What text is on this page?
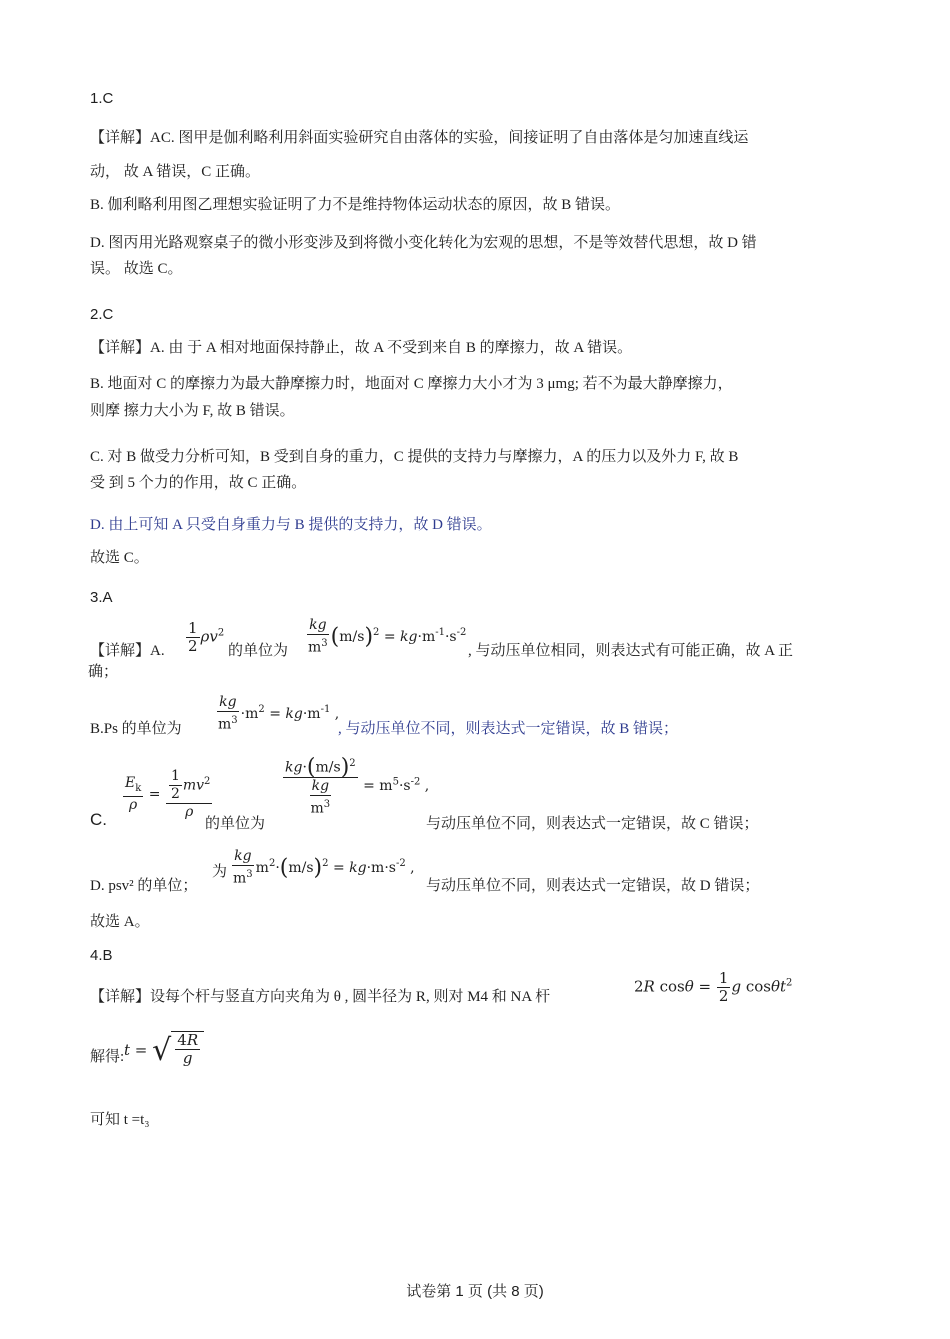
1.C
【详解】AC. 图甲是伽利略利用斜面实验研究自由落体的实验，间接证明了自由落体是匀加速直线运
动， 故 A 错误，C 正确。
B. 伽利略利用图乙理想实验证明了力不是维持物体运动状态的原因，故 B 错误。
D. 图丙用光路观察桌子的微小形变涉及到将微小变化转化为宏观的思想，不是等效替代思想，故 D 错
误。 故选 C。
2.C
【详解】A. 由 于 A 相对地面保持静止，故 A 不受到来自 B 的摩擦力，故 A 错误。
B. 地面对 C 的摩擦力为最大静摩擦力时，地面对 C 摩擦力大小才为 3 μmg; 若不为最大静摩擦力，
则摩 擦力大小为 F, 故 B 错误。
C. 对 B 做受力分析可知，B 受到自身的重力，C 提供的支持力与摩擦力，A 的压力以及外力 F, 故 B
受 到 5 个力的作用，故 C 正确。
D. 由上可知 A 只受自身重力与 B 提供的支持力，故 D 错误。
故选 C。
3.A
【详解】A. $\frac{1}{2} \rho v^2$
的单位为 $\frac{kg}{m^3} (m/s)^2 = kg\cdot m^{-1}\cdot s^{-2}$
, 与动压单位相同，则表达式有可能正确，故 A 正
确；
B.Ps 的单位为 $\frac{kg}{m^3} \cdot m^2 = kg\cdot m^{-1}$ ,
, 与动压单位不同，则表达式一定错误，故 B 错误；
C.
$\frac{E_k}{\rho} = \frac{\frac{1}{2} mv^2}{\rho}$
的单位为
$\frac{kg\cdot(m/s)^2}{\frac{kg}{m^3}} = m^5\cdot s^{-2}$ ,
与动压单位不同，则表达式一定错误，故 C 错误；
D. psv² 的单位；
为 $\frac{kg}{m^3} m^2\cdot(m/s)^2 = kg\cdot m\cdot s^{-2}$ ,
与动压单位不同，则表达式一定错误，故 D 错误；
故选 A。
4.B
【详解】设每个杆与竖直方向夹角为 θ , 圆半径为 R, 则对 M4 和 NA 杆
2R $\cos\theta = \frac{1}{2}$ g cosθt$^2$
解得: t = √ $\frac{4R}{g}$
可知 t =t₃
试卷第 1 页 (共 8 页)
